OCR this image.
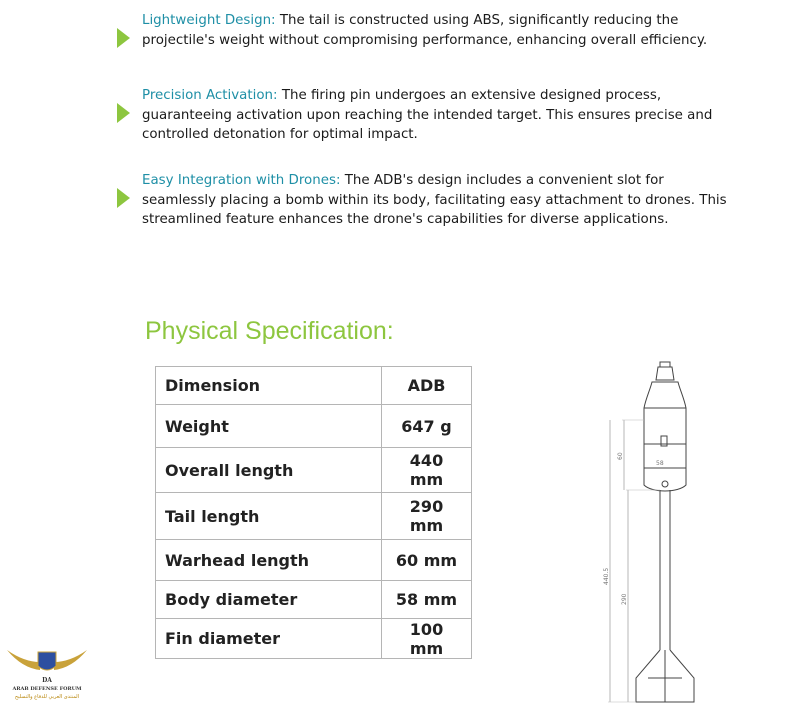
Lightweight Design: The tail is constructed using ABS, significantly reducing the projectile's weight without compromising performance, enhancing overall efficiency.
Precision Activation: The firing pin undergoes an extensive designed process, guaranteeing activation upon reaching the intended target. This ensures precise and controlled detonation for optimal impact.
Easy Integration with Drones: The ADB's design includes a convenient slot for seamlessly placing a bomb within its body, facilitating easy attachment to drones. This streamlined feature enhances the drone's capabilities for diverse applications.
Physical Specification:
Dimension	ADB
Weight	647 g
Overall length	440 mm
Tail length	290 mm
Warhead length	60 mm
Body diameter	58 mm
Fin diameter	100 mm
58
60
440.5
290
DA
ARAB DEFENSE FORUM
المنتدى العربي للدفاع والتسليح
